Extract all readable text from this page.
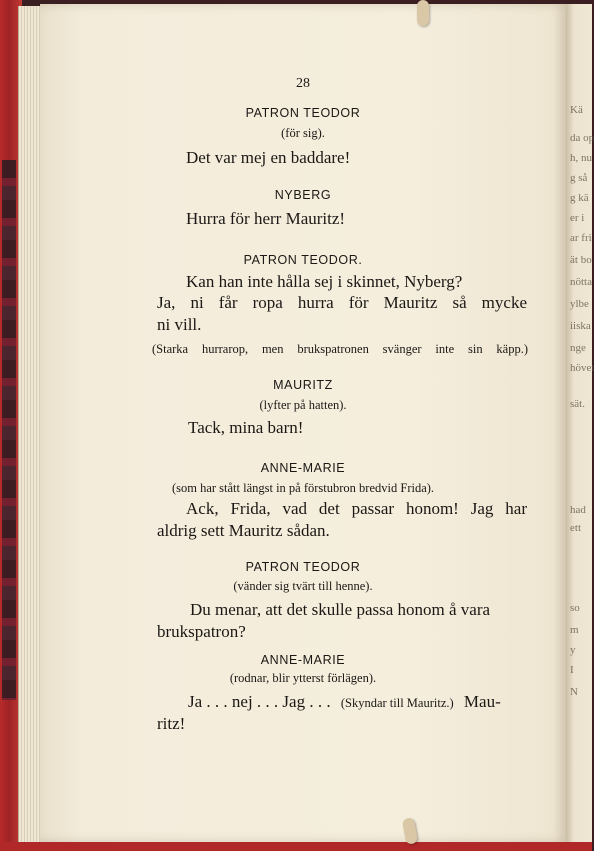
28
PATRON TEODOR
(för sig).
Det var mej en baddare!
NYBERG
Hurra för herr Mauritz!
PATRON TEODOR.
Kan han inte hålla sej i skinnet, Nyberg?
Ja, ni får ropa hurra för Mauritz så mycke
ni vill.
(Starka hurrarop, men brukspatronen svänger inte sin käpp.)
MAURITZ
(lyfter på hatten).
Tack, mina barn!
ANNE-MARIE
(som har stått längst in på förstubron bredvid Frida).
Ack, Frida, vad det passar honom! Jag har
aldrig sett Mauritz sådan.
PATRON TEODOR
(vänder sig tvärt till henne).
Du menar, att det skulle passa honom å vara
brukspatron?
ANNE-MARIE
(rodnar, blir ytterst förlägen).
Ja . . . nej . . . Jag . . . (Skyndar till Mauritz.) Mau-
ritz!
Kä
da op
h, nu
g så
g kä
er i
ar fri
ät bo
nötta
ylbe
iiska
nge
hövet
sät.
had
ett
so
m
y
I
N
